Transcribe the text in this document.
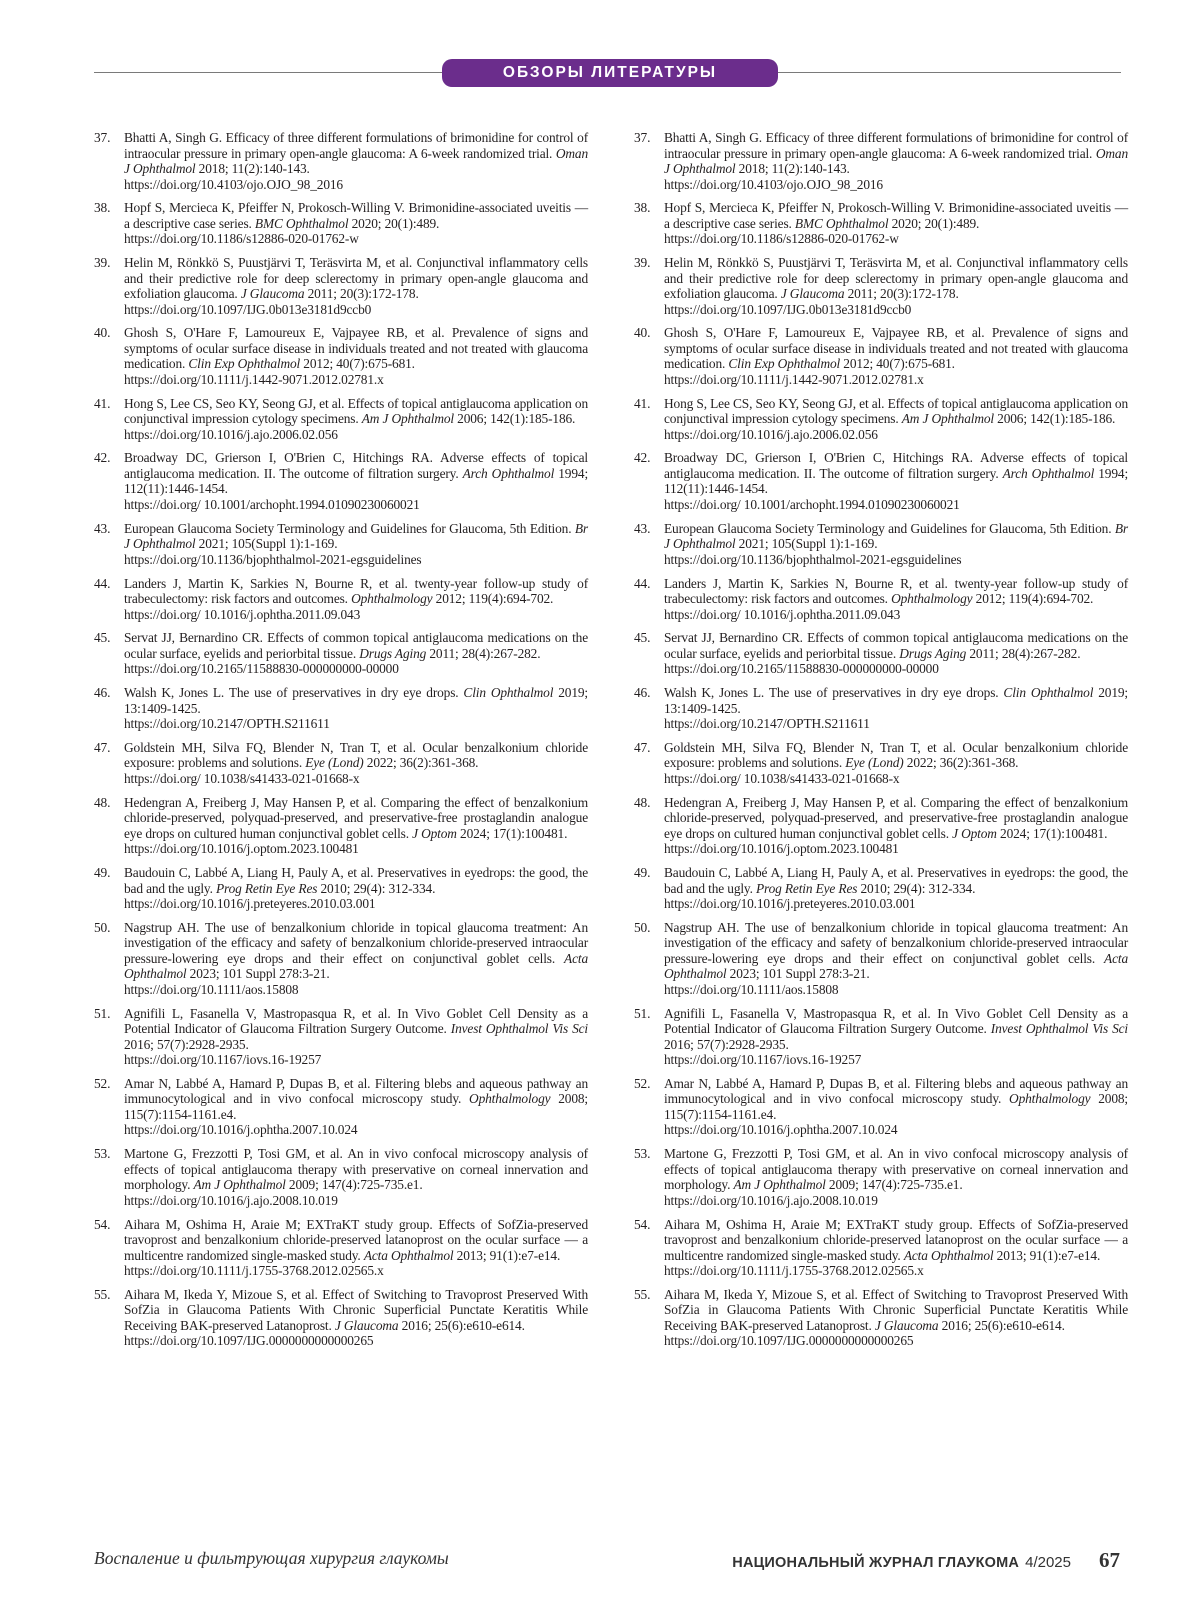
ОБЗОРЫ ЛИТЕРАТУРЫ
37.	Bhatti A, Singh G. Efficacy of three different formulations of brimonidine for control of intraocular pressure in primary open-angle glaucoma: A 6-week randomized trial. Oman J Ophthalmol 2018; 11(2):140-143.
https://doi.org/10.4103/ojo.OJO_98_2016
38.	Hopf S, Mercieca K, Pfeiffer N, Prokosch-Willing V. Brimonidine-associated uveitis — a descriptive case series. BMC Ophthalmol 2020; 20(1):489.
https://doi.org/10.1186/s12886-020-01762-w
39.	Helin M, Rönkkö S, Puustjärvi T, Teräsvirta M, et al. Conjunctival inflammatory cells and their predictive role for deep sclerectomy in primary open-angle glaucoma and exfoliation glaucoma. J Glaucoma 2011; 20(3):172-178.
https://doi.org/10.1097/IJG.0b013e3181d9ccb0
40.	Ghosh S, O'Hare F, Lamoureux E, Vajpayee RB, et al. Prevalence of signs and symptoms of ocular surface disease in individuals treated and not treated with glaucoma medication. Clin Exp Ophthalmol 2012; 40(7):675-681.
https://doi.org/10.1111/j.1442-9071.2012.02781.x
41.	Hong S, Lee CS, Seo KY, Seong GJ, et al. Effects of topical antiglaucoma application on conjunctival impression cytology specimens. Am J Ophthalmol 2006; 142(1):185-186.
https://doi.org/10.1016/j.ajo.2006.02.056
42.	Broadway DC, Grierson I, O'Brien C, Hitchings RA. Adverse effects of topical antiglaucoma medication. II. The outcome of filtration surgery. Arch Ophthalmol 1994; 112(11):1446-1454.
https://doi.org/ 10.1001/archopht.1994.01090230060021
43.	European Glaucoma Society Terminology and Guidelines for Glaucoma, 5th Edition. Br J Ophthalmol 2021; 105(Suppl 1):1-169.
https://doi.org/10.1136/bjophthalmol-2021-egsguidelines
44.	Landers J, Martin K, Sarkies N, Bourne R, et al. twenty-year follow-up study of trabeculectomy: risk factors and outcomes. Ophthalmology 2012; 119(4):694-702.
https://doi.org/ 10.1016/j.ophtha.2011.09.043
45.	Servat JJ, Bernardino CR. Effects of common topical antiglaucoma medications on the ocular surface, eyelids and periorbital tissue. Drugs Aging 2011; 28(4):267-282.
https://doi.org/10.2165/11588830-000000000-00000
46.	Walsh K, Jones L. The use of preservatives in dry eye drops. Clin Ophthalmol 2019; 13:1409-1425.
https://doi.org/10.2147/OPTH.S211611
47.	Goldstein MH, Silva FQ, Blender N, Tran T, et al. Ocular benzalkonium chloride exposure: problems and solutions. Eye (Lond) 2022; 36(2):361-368.
https://doi.org/ 10.1038/s41433-021-01668-x
48.	Hedengran A, Freiberg J, May Hansen P, et al. Comparing the effect of benzalkonium chloride-preserved, polyquad-preserved, and preservative-free prostaglandin analogue eye drops on cultured human conjunctival goblet cells. J Optom 2024; 17(1):100481.
https://doi.org/10.1016/j.optom.2023.100481
49.	Baudouin C, Labbé A, Liang H, Pauly A, et al. Preservatives in eyedrops: the good, the bad and the ugly. Prog Retin Eye Res 2010; 29(4): 312-334.
https://doi.org/10.1016/j.preteyeres.2010.03.001
50.	Nagstrup AH. The use of benzalkonium chloride in topical glaucoma treatment: An investigation of the efficacy and safety of benzalkonium chloride-preserved intraocular pressure-lowering eye drops and their effect on conjunctival goblet cells. Acta Ophthalmol 2023; 101 Suppl 278:3-21.
https://doi.org/10.1111/aos.15808
51.	Agnifili L, Fasanella V, Mastropasqua R, et al. In Vivo Goblet Cell Density as a Potential Indicator of Glaucoma Filtration Surgery Outcome. Invest Ophthalmol Vis Sci 2016; 57(7):2928-2935.
https://doi.org/10.1167/iovs.16-19257
52.	Amar N, Labbé A, Hamard P, Dupas B, et al. Filtering blebs and aqueous pathway an immunocytological and in vivo confocal microscopy study. Ophthalmology 2008; 115(7):1154-1161.e4.
https://doi.org/10.1016/j.ophtha.2007.10.024
53.	Martone G, Frezzotti P, Tosi GM, et al. An in vivo confocal microscopy analysis of effects of topical antiglaucoma therapy with preservative on corneal innervation and morphology. Am J Ophthalmol 2009; 147(4):725-735.e1.
https://doi.org/10.1016/j.ajo.2008.10.019
54.	Aihara M, Oshima H, Araie M; EXTraKT study group. Effects of SofZia-preserved travoprost and benzalkonium chloride-preserved latanoprost on the ocular surface — a multicentre randomized single-masked study. Acta Ophthalmol 2013; 91(1):e7-e14.
https://doi.org/10.1111/j.1755-3768.2012.02565.x
55.	Aihara M, Ikeda Y, Mizoue S, et al. Effect of Switching to Travoprost Preserved With SofZia in Glaucoma Patients With Chronic Superficial Punctate Keratitis While Receiving BAK-preserved Latanoprost. J Glaucoma 2016; 25(6):e610-e614.
https://doi.org/10.1097/IJG.0000000000000265
37.	Bhatti A, Singh G. Efficacy of three different formulations of brimonidine for control of intraocular pressure in primary open-angle glaucoma: A 6-week randomized trial. Oman J Ophthalmol 2018; 11(2):140-143.
https://doi.org/10.4103/ojo.OJO_98_2016
38.	Hopf S, Mercieca K, Pfeiffer N, Prokosch-Willing V. Brimonidine-associated uveitis — a descriptive case series. BMC Ophthalmol 2020; 20(1):489.
https://doi.org/10.1186/s12886-020-01762-w
39.	Helin M, Rönkkö S, Puustjärvi T, Teräsvirta M, et al. Conjunctival inflammatory cells and their predictive role for deep sclerectomy in primary open-angle glaucoma and exfoliation glaucoma. J Glaucoma 2011; 20(3):172-178.
https://doi.org/10.1097/IJG.0b013e3181d9ccb0
40.	Ghosh S, O'Hare F, Lamoureux E, Vajpayee RB, et al. Prevalence of signs and symptoms of ocular surface disease in individuals treated and not treated with glaucoma medication. Clin Exp Ophthalmol 2012; 40(7):675-681.
https://doi.org/10.1111/j.1442-9071.2012.02781.x
41.	Hong S, Lee CS, Seo KY, Seong GJ, et al. Effects of topical antiglaucoma application on conjunctival impression cytology specimens. Am J Ophthalmol 2006; 142(1):185-186.
https://doi.org/10.1016/j.ajo.2006.02.056
42.	Broadway DC, Grierson I, O'Brien C, Hitchings RA. Adverse effects of topical antiglaucoma medication. II. The outcome of filtration surgery. Arch Ophthalmol 1994; 112(11):1446-1454.
https://doi.org/ 10.1001/archopht.1994.01090230060021
43.	European Glaucoma Society Terminology and Guidelines for Glaucoma, 5th Edition. Br J Ophthalmol 2021; 105(Suppl 1):1-169.
https://doi.org/10.1136/bjophthalmol-2021-egsguidelines
44.	Landers J, Martin K, Sarkies N, Bourne R, et al. twenty-year follow-up study of trabeculectomy: risk factors and outcomes. Ophthalmology 2012; 119(4):694-702.
https://doi.org/ 10.1016/j.ophtha.2011.09.043
45.	Servat JJ, Bernardino CR. Effects of common topical antiglaucoma medications on the ocular surface, eyelids and periorbital tissue. Drugs Aging 2011; 28(4):267-282.
https://doi.org/10.2165/11588830-000000000-00000
46.	Walsh K, Jones L. The use of preservatives in dry eye drops. Clin Ophthalmol 2019; 13:1409-1425.
https://doi.org/10.2147/OPTH.S211611
47.	Goldstein MH, Silva FQ, Blender N, Tran T, et al. Ocular benzalkonium chloride exposure: problems and solutions. Eye (Lond) 2022; 36(2):361-368.
https://doi.org/ 10.1038/s41433-021-01668-x
48.	Hedengran A, Freiberg J, May Hansen P, et al. Comparing the effect of benzalkonium chloride-preserved, polyquad-preserved, and preservative-free prostaglandin analogue eye drops on cultured human conjunctival goblet cells. J Optom 2024; 17(1):100481.
https://doi.org/10.1016/j.optom.2023.100481
49.	Baudouin C, Labbé A, Liang H, Pauly A, et al. Preservatives in eyedrops: the good, the bad and the ugly. Prog Retin Eye Res 2010; 29(4): 312-334.
https://doi.org/10.1016/j.preteyeres.2010.03.001
50.	Nagstrup AH. The use of benzalkonium chloride in topical glaucoma treatment: An investigation of the efficacy and safety of benzalkonium chloride-preserved intraocular pressure-lowering eye drops and their effect on conjunctival goblet cells. Acta Ophthalmol 2023; 101 Suppl 278:3-21.
https://doi.org/10.1111/aos.15808
51.	Agnifili L, Fasanella V, Mastropasqua R, et al. In Vivo Goblet Cell Density as a Potential Indicator of Glaucoma Filtration Surgery Outcome. Invest Ophthalmol Vis Sci 2016; 57(7):2928-2935.
https://doi.org/10.1167/iovs.16-19257
52.	Amar N, Labbé A, Hamard P, Dupas B, et al. Filtering blebs and aqueous pathway an immunocytological and in vivo confocal microscopy study. Ophthalmology 2008; 115(7):1154-1161.e4.
https://doi.org/10.1016/j.ophtha.2007.10.024
53.	Martone G, Frezzotti P, Tosi GM, et al. An in vivo confocal microscopy analysis of effects of topical antiglaucoma therapy with preservative on corneal innervation and morphology. Am J Ophthalmol 2009; 147(4):725-735.e1.
https://doi.org/10.1016/j.ajo.2008.10.019
54.	Aihara M, Oshima H, Araie M; EXTraKT study group. Effects of SofZia-preserved travoprost and benzalkonium chloride-preserved latanoprost on the ocular surface — a multicentre randomized single-masked study. Acta Ophthalmol 2013; 91(1):e7-e14.
https://doi.org/10.1111/j.1755-3768.2012.02565.x
55.	Aihara M, Ikeda Y, Mizoue S, et al. Effect of Switching to Travoprost Preserved With SofZia in Glaucoma Patients With Chronic Superficial Punctate Keratitis While Receiving BAK-preserved Latanoprost. J Glaucoma 2016; 25(6):e610-e614.
https://doi.org/10.1097/IJG.0000000000000265
Воспаление и фильтрующая хирургия глаукомы	НАЦИОНАЛЬНЫЙ ЖУРНАЛ ГЛАУКОМА 4/2025 67
